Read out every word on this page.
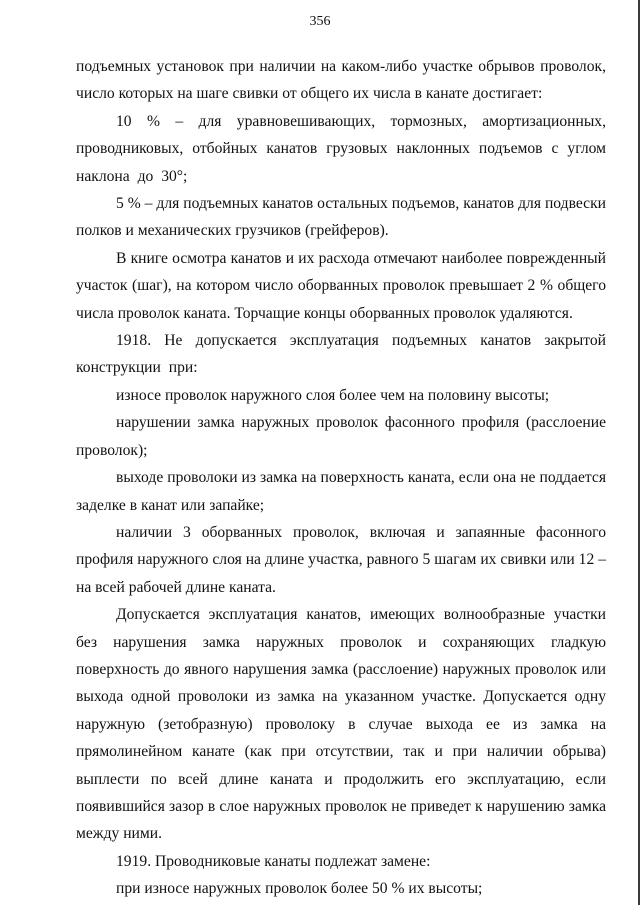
356

подъемных установок при наличии на каком-либо участке обрывов проволок, число которых на шаге свивки от общего их числа в канате достигает:

10 % – для уравновешивающих, тормозных, амортизационных, проводниковых, отбойных канатов грузовых наклонных подъемов с углом наклона до 30°;

5 % – для подъемных канатов остальных подъемов, канатов для подвески полков и механических грузчиков (грейферов).

В книге осмотра канатов и их расхода отмечают наиболее поврежденный участок (шаг), на котором число оборванных проволок превышает 2 % общего числа проволок каната. Торчащие концы оборванных проволок удаляются.

1918. Не допускается эксплуатация подъемных канатов закрытой конструкции при:

износе проволок наружного слоя более чем на половину высоты;

нарушении замка наружных проволок фасонного профиля (расслоение проволок);

выходе проволоки из замка на поверхность каната, если она не поддается заделке в канат или запайке;

наличии 3 оборванных проволок, включая и запаянные фасонного профиля наружного слоя на длине участка, равного 5 шагам их свивки или 12 – на всей рабочей длине каната.

Допускается эксплуатация канатов, имеющих волнообразные участки без нарушения замка наружных проволок и сохраняющих гладкую поверхность до явного нарушения замка (расслоение) наружных проволок или выхода одной проволоки из замка на указанном участке. Допускается одну наружную (зетобразную) проволоку в случае выхода ее из замка на прямолинейном канате (как при отсутствии, так и при наличии обрыва) выплести по всей длине каната и продолжить его эксплуатацию, если появившийся зазор в слое наружных проволок не приведет к нарушению замка между ними.

1919. Проводниковые канаты подлежат замене:

при износе наружных проволок более 50 % их высоты;
